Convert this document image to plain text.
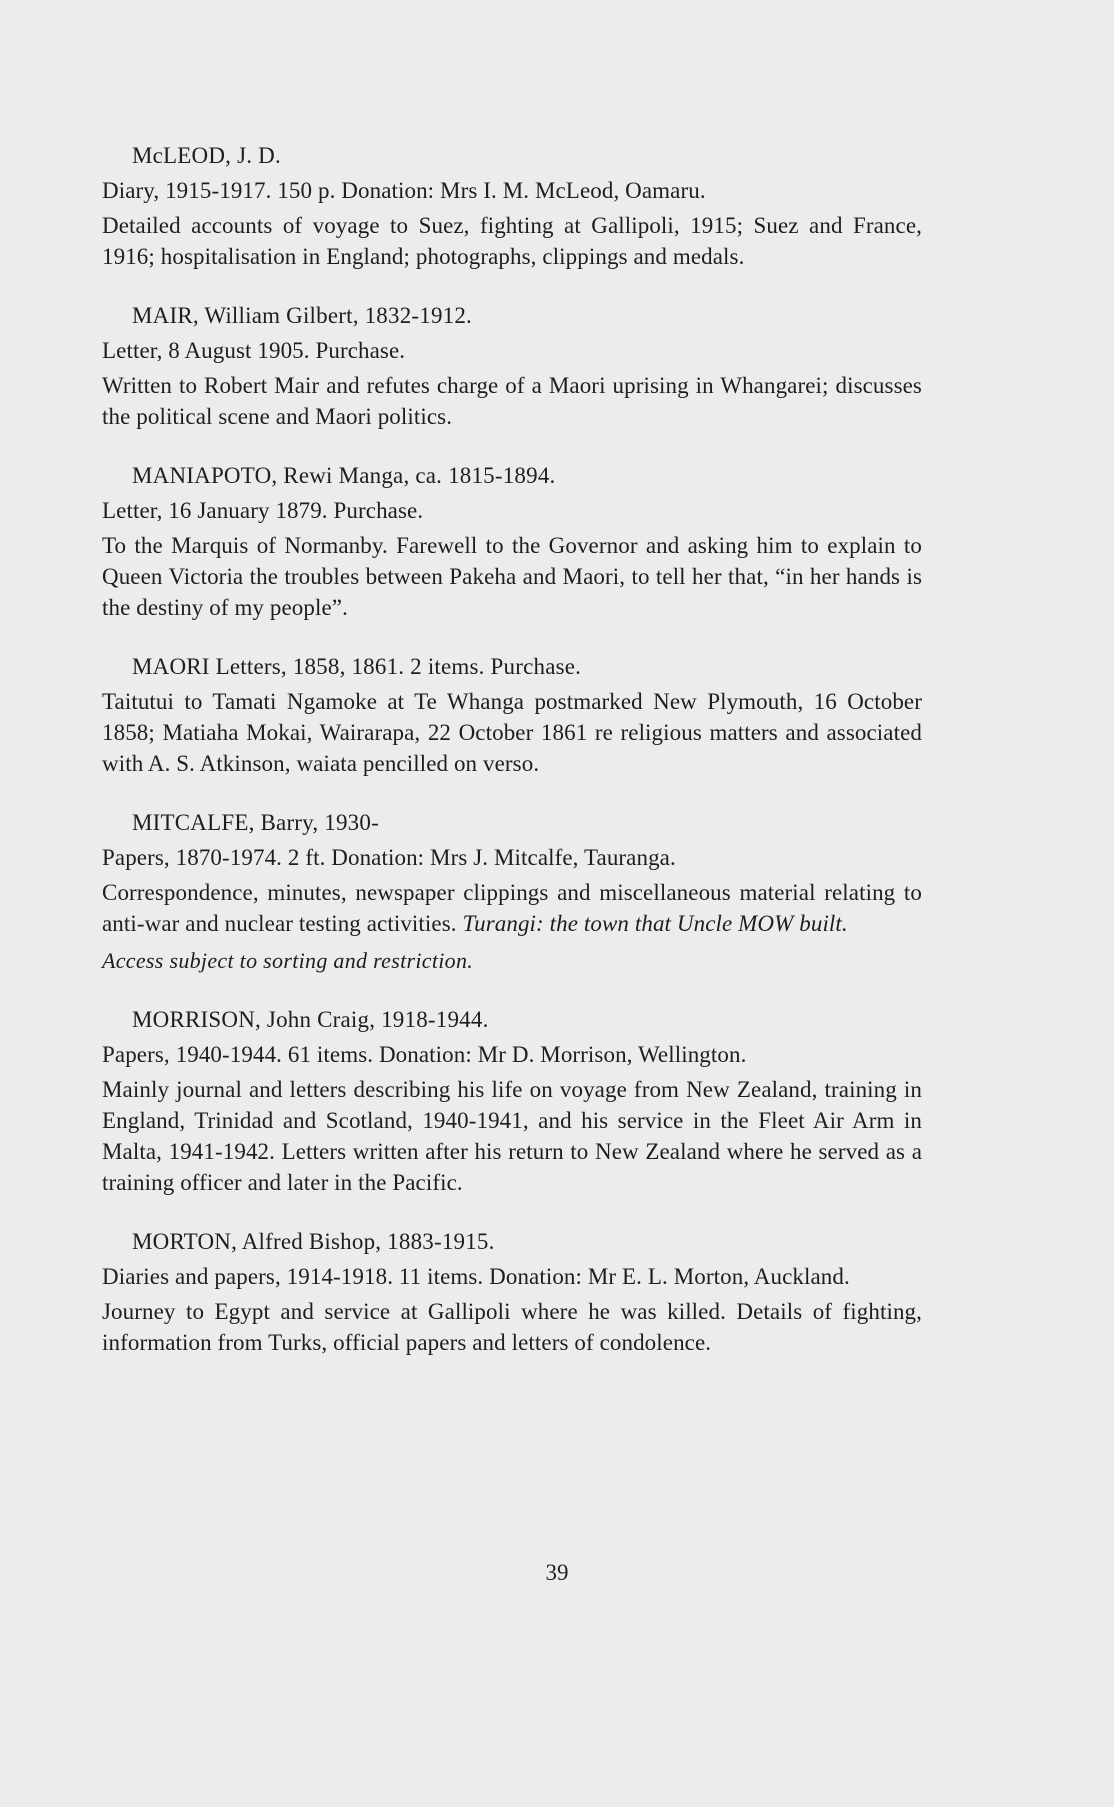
McLEOD, J. D.

Diary, 1915-1917. 150 p. Donation: Mrs I. M. McLeod, Oamaru.

Detailed accounts of voyage to Suez, fighting at Gallipoli, 1915; Suez and France, 1916; hospitalisation in England; photographs, clippings and medals.

MAIR, William Gilbert, 1832-1912.

Letter, 8 August 1905. Purchase.

Written to Robert Mair and refutes charge of a Maori uprising in Whangarei; discusses the political scene and Maori politics.

MANIAPOTO, Rewi Manga, ca. 1815-1894.

Letter, 16 January 1879. Purchase.

To the Marquis of Normanby. Farewell to the Governor and asking him to explain to Queen Victoria the troubles between Pakeha and Maori, to tell her that, “in her hands is the destiny of my people”.

MAORI Letters, 1858, 1861. 2 items. Purchase.

Taitutui to Tamati Ngamoke at Te Whanga postmarked New Plymouth, 16 October 1858; Matiaha Mokai, Wairarapa, 22 October 1861 re religious matters and associated with A. S. Atkinson, waiata pencilled on verso.

MITCALFE, Barry, 1930-

Papers, 1870-1974. 2 ft. Donation: Mrs J. Mitcalfe, Tauranga.

Correspondence, minutes, newspaper clippings and miscellaneous material relating to anti-war and nuclear testing activities. Turangi: the town that Uncle MOW built.

Access subject to sorting and restriction.

MORRISON, John Craig, 1918-1944.

Papers, 1940-1944. 61 items. Donation: Mr D. Morrison, Wellington.

Mainly journal and letters describing his life on voyage from New Zealand, training in England, Trinidad and Scotland, 1940-1941, and his service in the Fleet Air Arm in Malta, 1941-1942. Letters written after his return to New Zealand where he served as a training officer and later in the Pacific.

MORTON, Alfred Bishop, 1883-1915.

Diaries and papers, 1914-1918. 11 items. Donation: Mr E. L. Morton, Auckland.

Journey to Egypt and service at Gallipoli where he was killed. Details of fighting, information from Turks, official papers and letters of condolence.

39
